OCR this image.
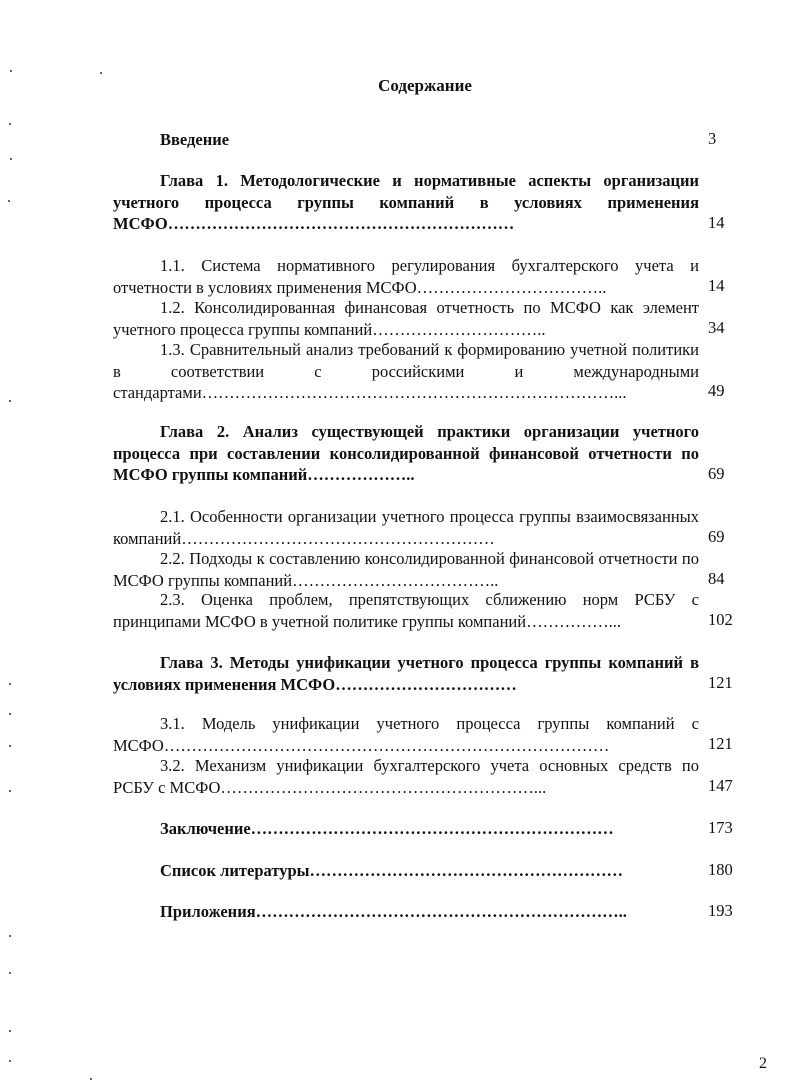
Содержание
Введение	3
Глава 1. Методологические и нормативные аспекты организации учетного процесса группы компаний в условиях применения МСФО………………………………………………………	14
1.1. Система нормативного регулирования бухгалтерского учета и отчетности в условиях применения МСФО……………………………..	14
1.2. Консолидированная финансовая отчетность по МСФО как элемент учетного процесса группы компаний…………………………..	34
1.3. Сравнительный анализ требований к формированию учетной политики в соответствии с российскими и международными стандартами…………………………………………………………………...	49
Глава 2. Анализ существующей практики организации учетного процесса при составлении консолидированной финансовой отчетности по МСФО группы компаний………………..	69
2.1. Особенности организации учетного процесса группы взаимосвязанных компаний…………………………………………………	69
2.2. Подходы к составлению консолидированной финансовой отчетности по МСФО группы компаний………………………………..	84
2.3. Оценка проблем, препятствующих сближению норм РСБУ с принципами МСФО в учетной политике группы компаний……………...	102
Глава 3. Методы унификации учетного процесса группы компаний в условиях применения МСФО……………………………	121
3.1. Модель унификации учетного процесса группы компаний с МСФО………………………………………………………………………	121
3.2. Механизм унификации бухгалтерского учета основных средств по РСБУ с МСФО…………………………………………………...	147
Заключение…………………………………………………………	173
Список литературы…………………………………………………	180
Приложения…………………………………………………………..	193
2
